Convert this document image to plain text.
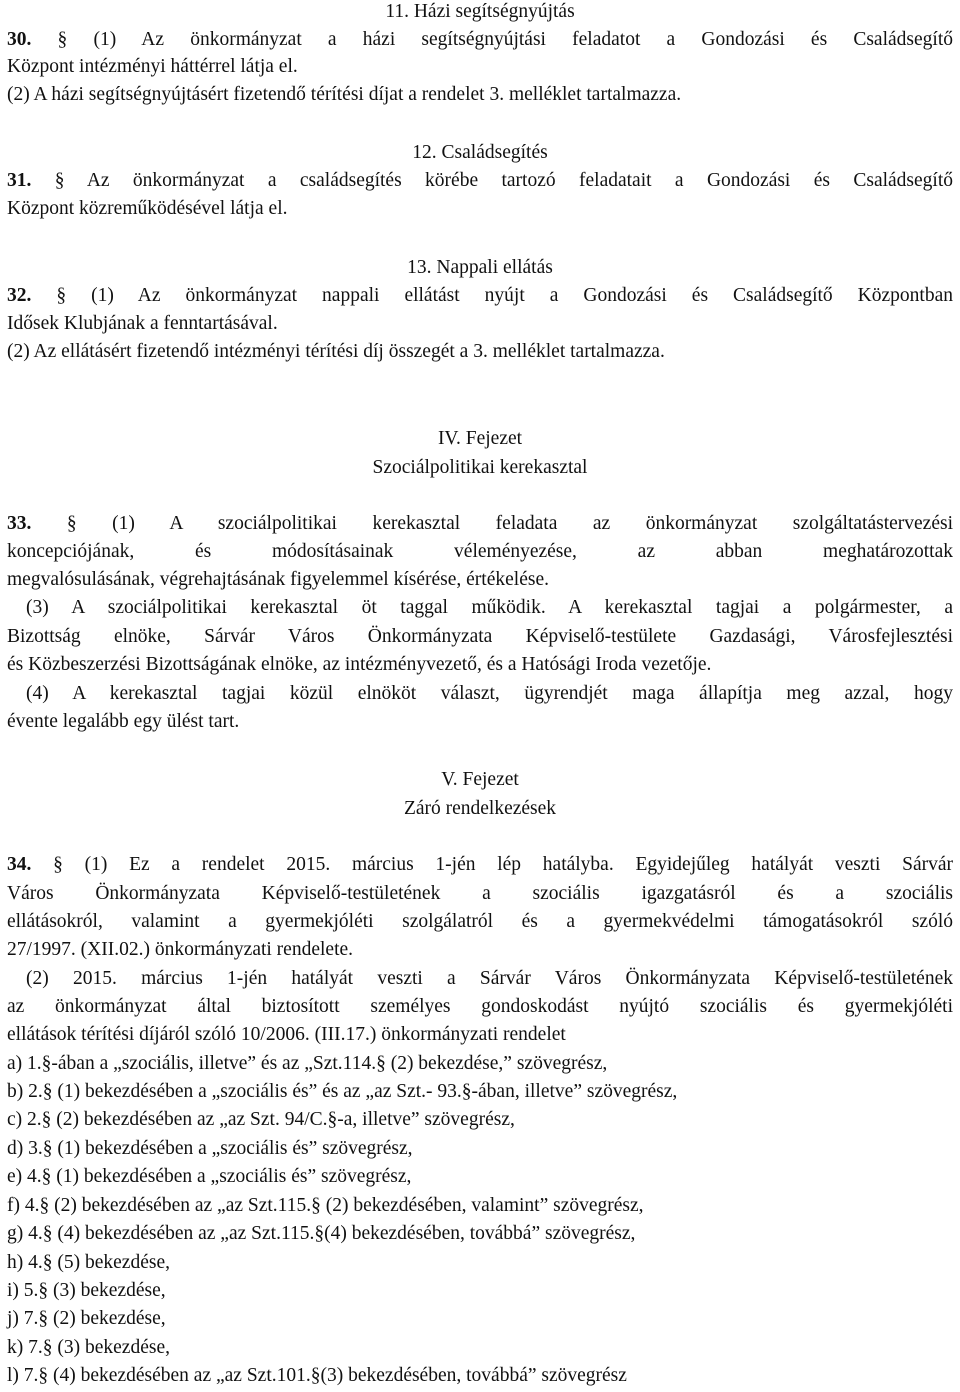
11. Házi segítségnyújtás
30. § (1) Az önkormányzat a házi segítségnyújtási feladatot a Gondozási és Családsegítő
Központ intézményi háttérrel látja el.
(2) A házi segítségnyújtásért fizetendő térítési díjat a rendelet 3. melléklet tartalmazza.
12. Családsegítés
31. § Az önkormányzat a családsegítés körébe tartozó feladatait a Gondozási és Családsegítő
Központ közreműködésével látja el.
13. Nappali ellátás
32. § (1) Az önkormányzat nappali ellátást nyújt a Gondozási és Családsegítő Központban
Idősek Klubjának a fenntartásával.
(2) Az ellátásért fizetendő intézményi térítési díj összegét a 3. melléklet tartalmazza.
IV. Fejezet
Szociálpolitikai kerekasztal
33. § (1) A szociálpolitikai kerekasztal feladata az önkormányzat szolgáltatástervezési
koncepciójának, és módosításainak véleményezése, az abban meghatározottak
megvalósulásának, végrehajtásának figyelemmel kísérése, értékelése.
(3) A szociálpolitikai kerekasztal öt taggal működik. A kerekasztal tagjai a polgármester, a
Bizottság elnöke, Sárvár Város Önkormányzata Képviselő-testülete Gazdasági, Városfejlesztési
és Közbeszerzési Bizottságának elnöke, az intézményvezető, és a Hatósági Iroda vezetője.
(4) A kerekasztal tagjai közül elnököt választ, ügyrendjét maga állapítja meg azzal, hogy
évente legalább egy ülést tart.
V. Fejezet
Záró rendelkezések
34. § (1) Ez a rendelet 2015. március 1-jén lép hatályba. Egyidejűleg hatályát veszti Sárvár
Város Önkormányzata Képviselő-testületének a szociális igazgatásról és a szociális
ellátásokról, valamint a gyermekjóléti szolgálatról és a gyermekvédelmi támogatásokról szóló
27/1997. (XII.02.) önkormányzati rendelete.
(2) 2015. március 1-jén hatályát veszti a Sárvár Város Önkormányzata Képviselő-testületének
az önkormányzat által biztosított személyes gondoskodást nyújtó szociális és gyermekjóléti
ellátások térítési díjáról szóló 10/2006. (III.17.) önkormányzati rendelet
a) 1.§-ában a „szociális, illetve” és az „Szt.114.§ (2) bekezdése,” szövegrész,
b) 2.§ (1) bekezdésében a „szociális és” és az „az Szt.- 93.§-ában, illetve” szövegrész,
c) 2.§ (2) bekezdésében az „az Szt. 94/C.§-a, illetve” szövegrész,
d) 3.§ (1) bekezdésében a „szociális és” szövegrész,
e) 4.§ (1) bekezdésében a „szociális és” szövegrész,
f) 4.§ (2) bekezdésében az „az Szt.115.§ (2) bekezdésében, valamint” szövegrész,
g) 4.§ (4) bekezdésében az „az Szt.115.§(4) bekezdésében, továbbá” szövegrész,
h) 4.§ (5) bekezdése,
i) 5.§ (3) bekezdése,
j) 7.§ (2) bekezdése,
k) 7.§ (3) bekezdése,
l) 7.§ (4) bekezdésében az „az Szt.101.§(3) bekezdésében, továbbá” szövegrész
